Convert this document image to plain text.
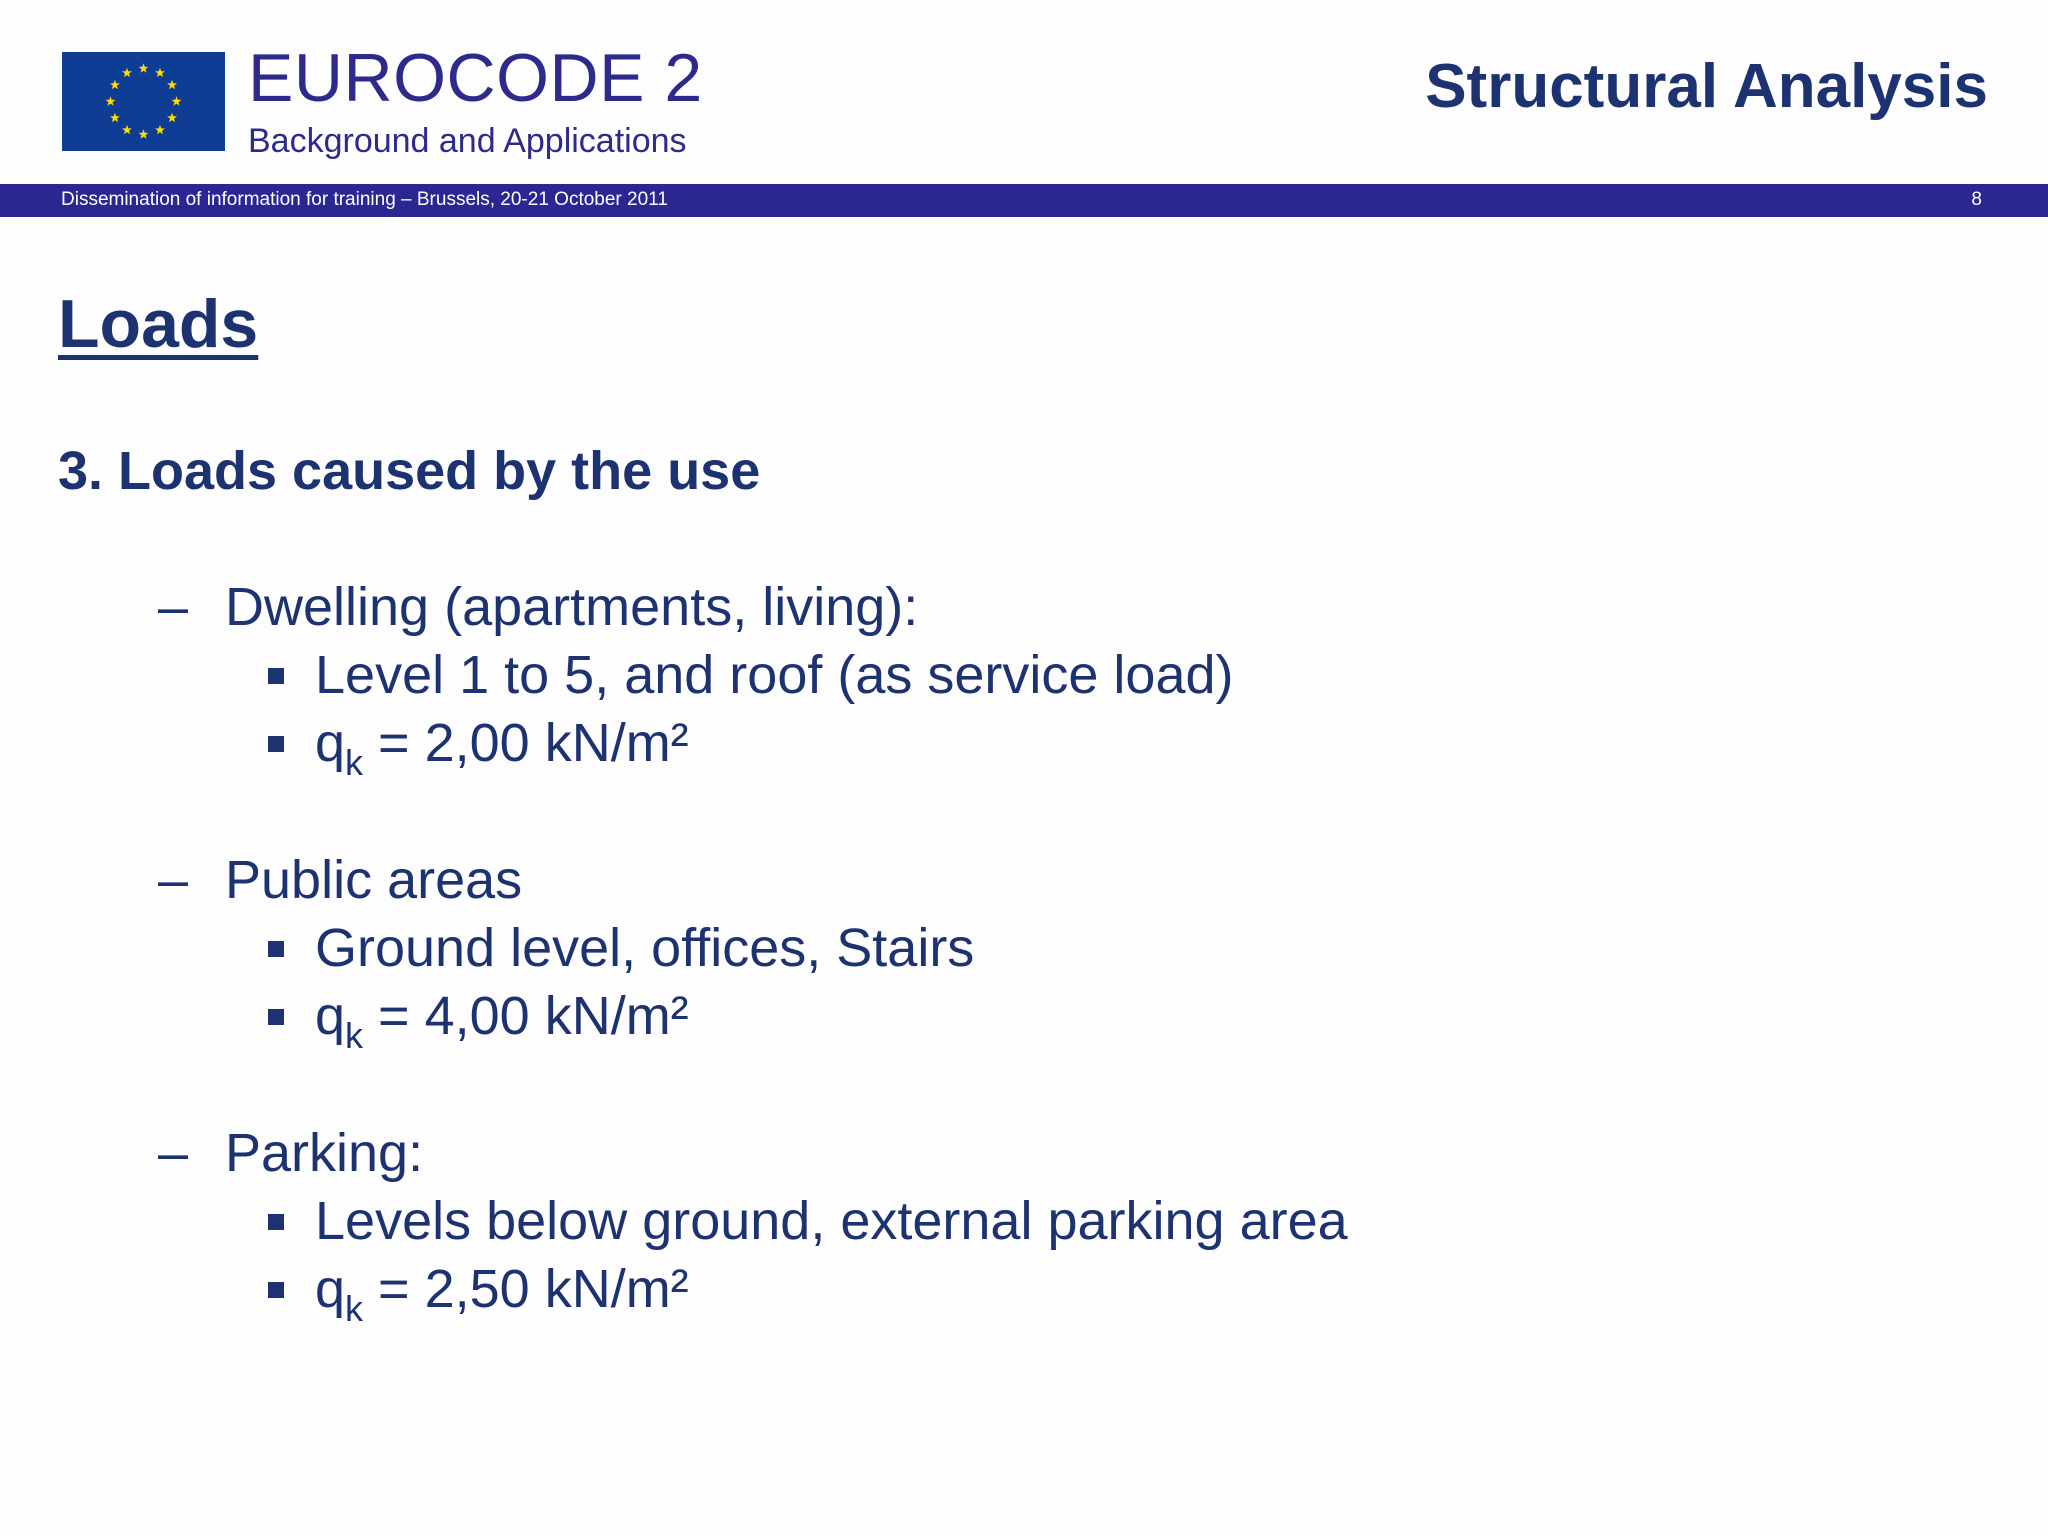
EUROCODE 2
Background and Applications
Structural Analysis
Dissemination of information for training – Brussels, 20-21 October 2011	8
Loads
3. Loads caused by the use
– Dwelling (apartments, living):
Level 1 to 5, and roof (as service load)
$q_k = 2,00$ kN/m²
– Public areas
Ground level, offices, Stairs
$q_k = 4,00$ kN/m²
– Parking:
Levels below ground, external parking area
$q_k = 2,50$ kN/m²
